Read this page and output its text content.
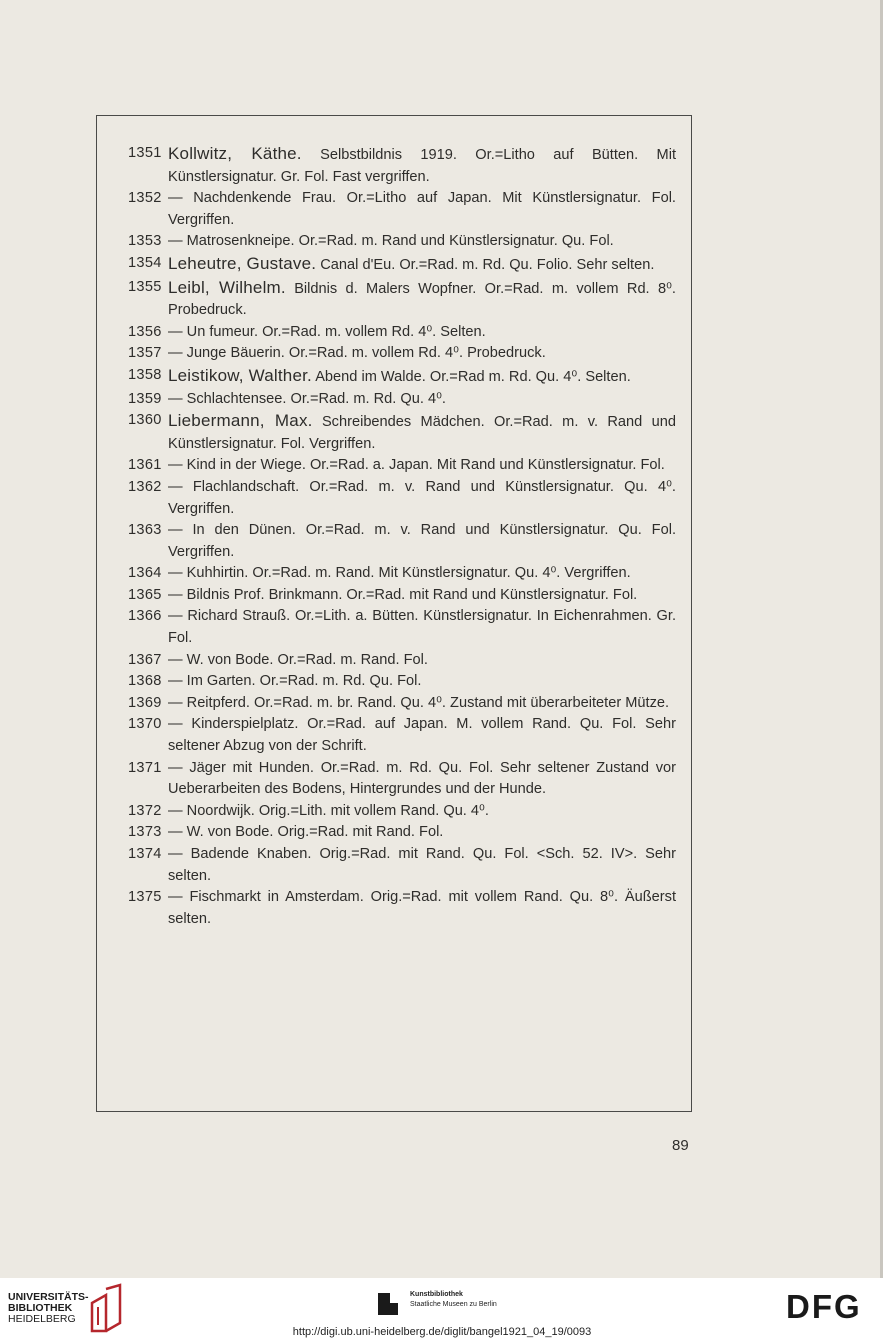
1351 Kollwitz, Käthe. Selbstbildnis 1919. Or.=Litho auf Bütten. Mit Künstlersignatur. Gr. Fol. Fast vergriffen.
1352 — Nachdenkende Frau. Or.=Litho auf Japan. Mit Künstlersignatur. Fol. Vergriffen.
1353 — Matrosenkneipe. Or.=Rad. m. Rand und Künstlersignatur. Qu. Fol.
1354 Leheutre, Gustave. Canal d'Eu. Or.=Rad. m. Rd. Qu. Folio. Sehr selten.
1355 Leibl, Wilhelm. Bildnis d. Malers Wopfner. Or.=Rad. m. vollem Rd. 8⁰. Probedruck.
1356 — Un fumeur. Or.=Rad. m. vollem Rd. 4⁰. Selten.
1357 — Junge Bäuerin. Or.=Rad. m. vollem Rd. 4⁰. Probedruck.
1358 Leistikow, Walther. Abend im Walde. Or.=Rad m. Rd. Qu. 4⁰. Selten.
1359 — Schlachtensee. Or.=Rad. m. Rd. Qu. 4⁰.
1360 Liebermann, Max. Schreibendes Mädchen. Or.=Rad. m. v. Rand und Künstlersignatur. Fol. Vergriffen.
1361 — Kind in der Wiege. Or.=Rad. a. Japan. Mit Rand und Künstlersignatur. Fol.
1362 — Flachlandschaft. Or.=Rad. m. v. Rand und Künstlersignatur. Qu. 4⁰. Vergriffen.
1363 — In den Dünen. Or.=Rad. m. v. Rand und Künstlersignatur. Qu. Fol. Vergriffen.
1364 — Kuhhirtin. Or.=Rad. m. Rand. Mit Künstlersignatur. Qu. 4⁰. Vergriffen.
1365 — Bildnis Prof. Brinkmann. Or.=Rad. mit Rand und Künstlersignatur. Fol.
1366 — Richard Strauß. Or.=Lith. a. Bütten. Künstlersignatur. In Eichenrahmen. Gr. Fol.
1367 — W. von Bode. Or.=Rad. m. Rand. Fol.
1368 — Im Garten. Or.=Rad. m. Rd. Qu. Fol.
1369 — Reitpferd. Or.=Rad. m. br. Rand. Qu. 4⁰. Zustand mit überarbeiteter Mütze.
1370 — Kinderspielplatz. Or.=Rad. auf Japan. M. vollem Rand. Qu. Fol. Sehr seltener Abzug von der Schrift.
1371 — Jäger mit Hunden. Or.=Rad. m. Rd. Qu. Fol. Sehr seltener Zustand vor Ueberarbeiten des Bodens, Hintergrundes und der Hunde.
1372 — Noordwijk. Orig.=Lith. mit vollem Rand. Qu. 4⁰.
1373 — W. von Bode. Orig.=Rad. mit Rand. Fol.
1374 — Badende Knaben. Orig.=Rad. mit Rand. Qu. Fol. <Sch. 52. IV>. Sehr selten.
1375 — Fischmarkt in Amsterdam. Orig.=Rad. mit vollem Rand. Qu. 8⁰. Äußerst selten.
89
UNIVERSITÄTS-
BIBLIOTHEK
HEIDELBERG
Kunstbibliothek
Staatliche Museen zu Berlin	DFG
http://digi.ub.uni-heidelberg.de/diglit/bangel1921_04_19/0093
